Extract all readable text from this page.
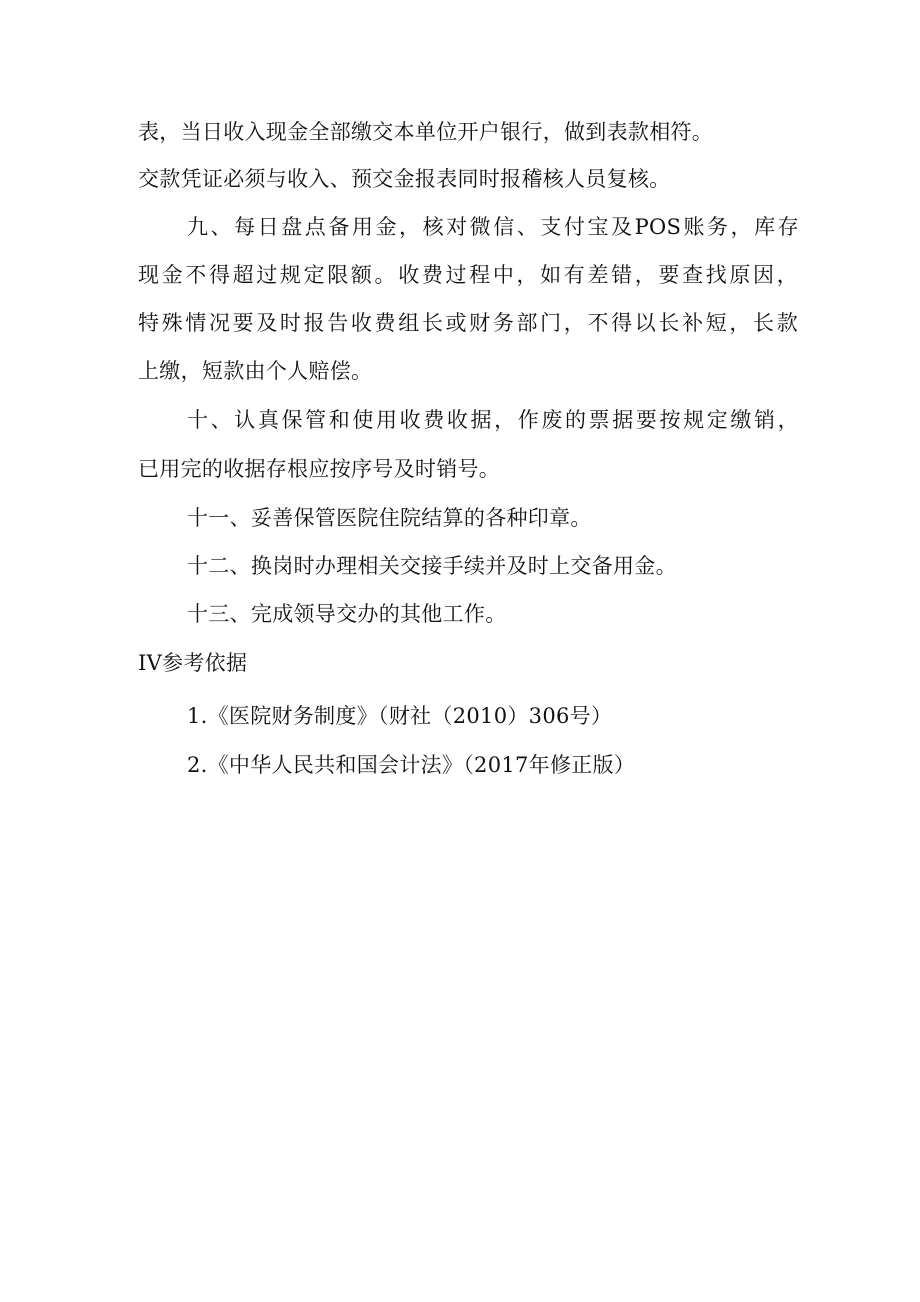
表，当日收入现金全部缴交本单位开户银行，做到表款相符。
交款凭证必须与收入、预交金报表同时报稽核人员复核。
九、每日盘点备用金，核对微信、支付宝及POS账务，库存
现金不得超过规定限额。收费过程中，如有差错，要查找原因，
特殊情况要及时报告收费组长或财务部门，不得以长补短，长款
上缴，短款由个人赔偿。
十、认真保管和使用收费收据，作废的票据要按规定缴销，
已用完的收据存根应按序号及时销号。
十一、妥善保管医院住院结算的各种印章。
十二、换岗时办理相关交接手续并及时上交备用金。
十三、完成领导交办的其他工作。
IV参考依据
1.《医院财务制度》（财社（2010）306号）
2.《中华人民共和国会计法》（2017年修正版）
